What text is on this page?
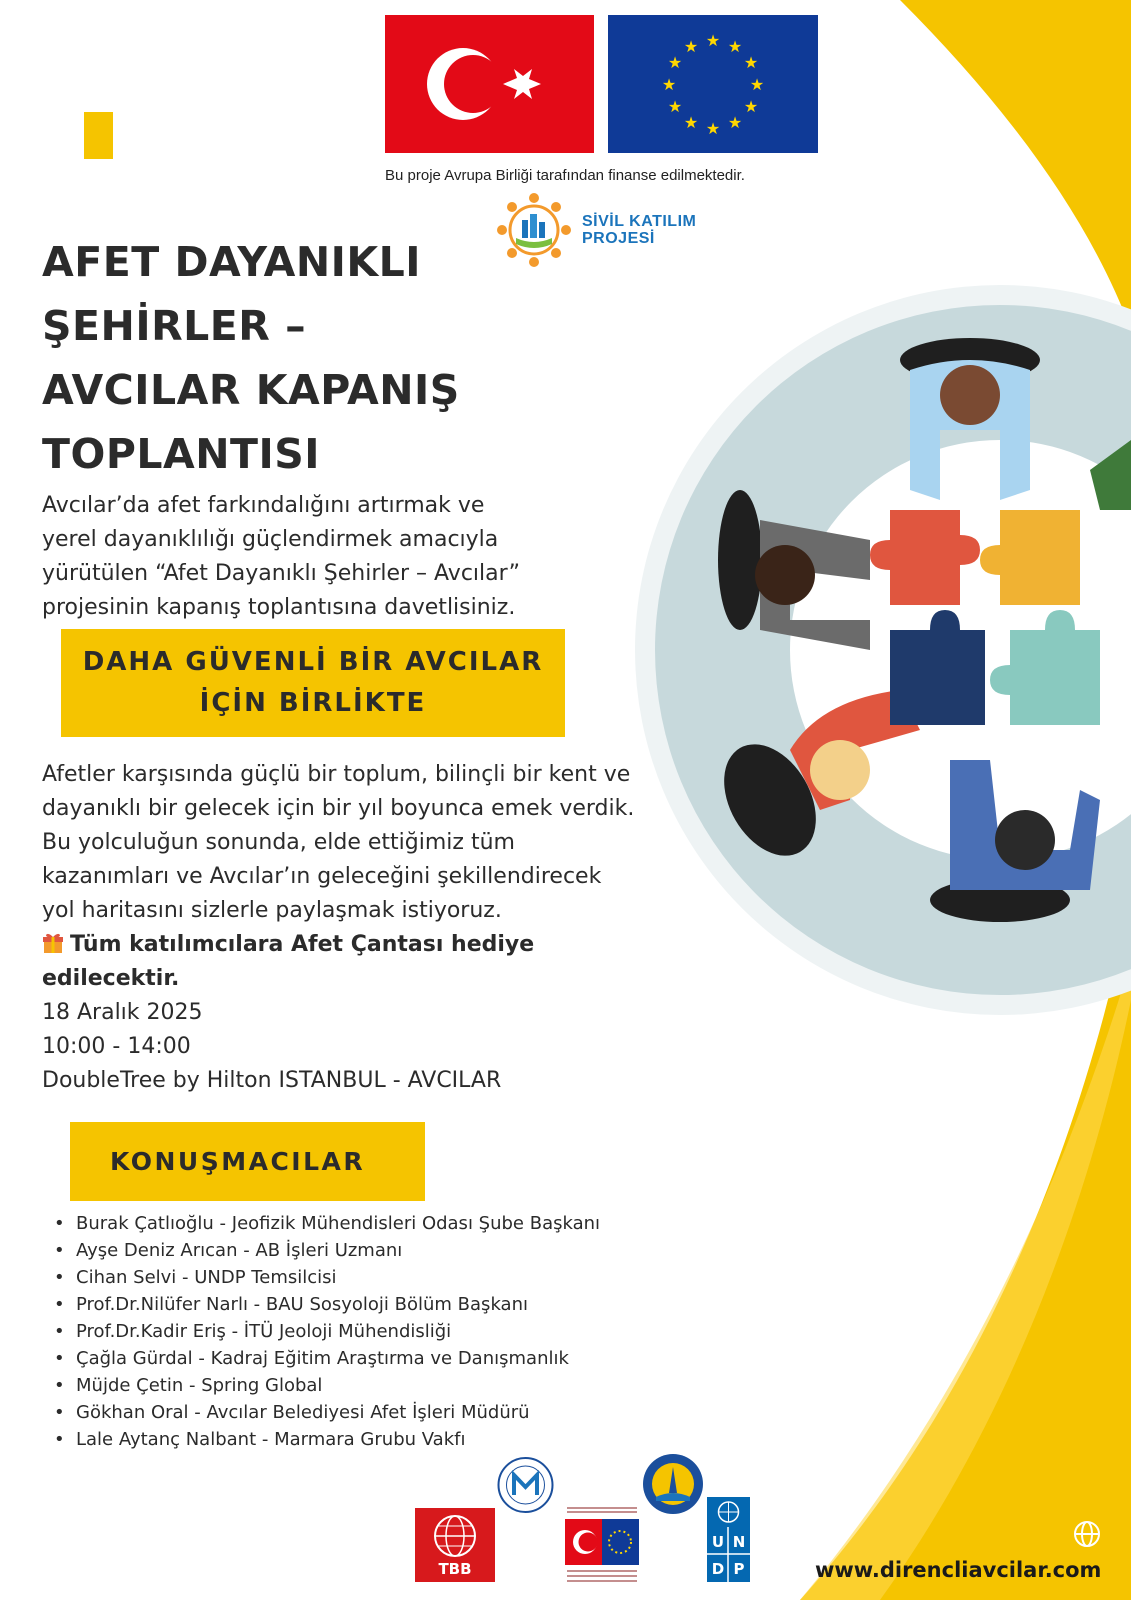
★ ★
★
★
★
★
★
★
★
★
★
★
Bu proje Avrupa Birliği tarafından finanse edilmektedir.
SİVİL KATILIM
PROJESİ
AFET DAYANIKLI
ŞEHİRLER –
AVCILAR KAPANIŞ
TOPLANTISI
Avcılar’da afet farkındalığını artırmak ve
yerel dayanıklılığı güçlendirmek amacıyla
yürütülen “Afet Dayanıklı Şehirler – Avcılar”
projesinin kapanış toplantısına davetlisiniz.
DAHA GÜVENLİ BİR AVCILAR
İÇİN BİRLİKTE
Afetler karşısında güçlü bir toplum, bilinçli bir kent ve
dayanıklı bir gelecek için bir yıl boyunca emek verdik.
Bu yolculuğun sonunda, elde ettiğimiz tüm
kazanımları ve Avcılar’ın geleceğini şekillendirecek
yol haritasını sizlerle paylaşmak istiyoruz.
Tüm katılımcılara Afet Çantası hediye
edilecektir.
18 Aralık 2025
10:00 - 14:00
DoubleTree by Hilton ISTANBUL - AVCILAR
KONUŞMACILAR
• Burak Çatlıoğlu - Jeofizik Mühendisleri Odası Şube Başkanı
• Ayşe Deniz Arıcan - AB İşleri Uzmanı
• Cihan Selvi - UNDP Temsilcisi
• Prof.Dr.Nilüfer Narlı - BAU Sosyoloji Bölüm Başkanı
• Prof.Dr.Kadir Eriş - İTÜ Jeoloji Mühendisliği
• Çağla Gürdal - Kadraj Eğitim Araştırma ve Danışmanlık
• Müjde Çetin - Spring Global
• Gökhan Oral - Avcılar Belediyesi Afet İşleri Müdürü
• Lale Aytanç Nalbant - Marmara Grubu Vakfı
TBB
U N
D P	www.direncliavcilar.com
